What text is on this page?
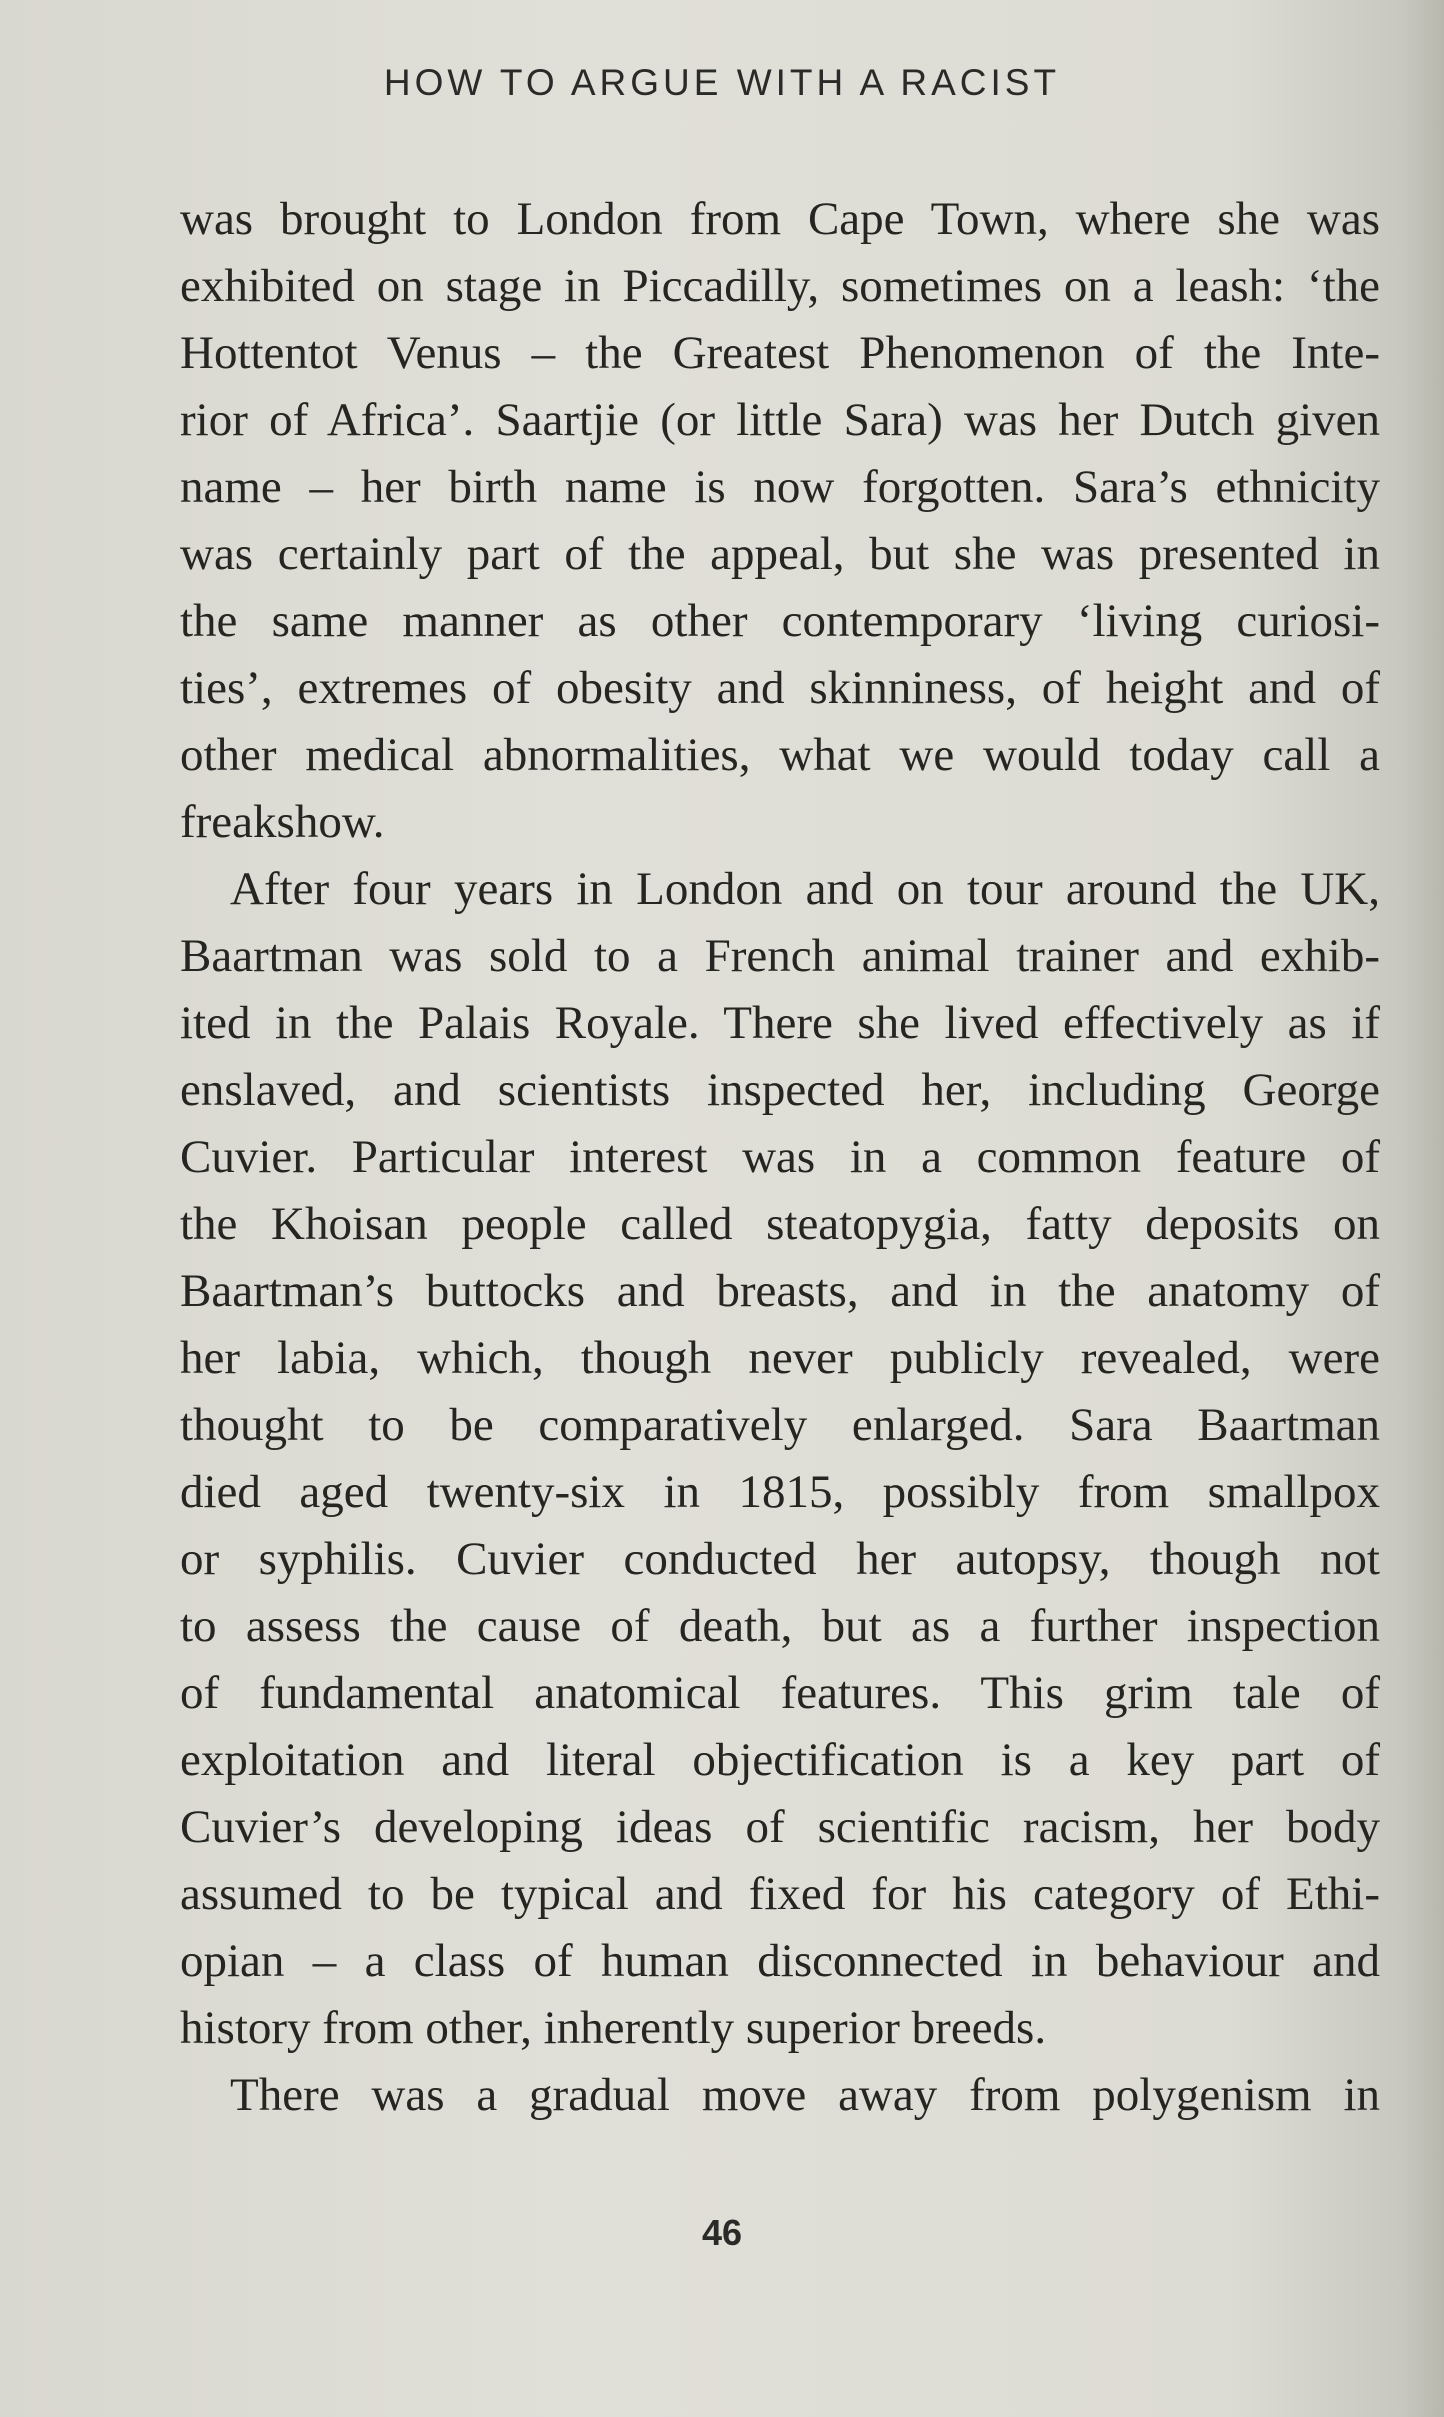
HOW TO ARGUE WITH A RACIST
was brought to London from Cape Town, where she was
exhibited on stage in Piccadilly, sometimes on a leash: ‘the
Hottentot Venus – the Greatest Phenomenon of the Inte-
rior of Africa’. Saartjie (or little Sara) was her Dutch given
name – her birth name is now forgotten. Sara’s ethnicity
was certainly part of the appeal, but she was presented in
the same manner as other contemporary ‘living curiosi-
ties’, extremes of obesity and skinniness, of height and of
other medical abnormalities, what we would today call a
freakshow.
After four years in London and on tour around the UK,
Baartman was sold to a French animal trainer and exhib-
ited in the Palais Royale. There she lived effectively as if
enslaved, and scientists inspected her, including George
Cuvier. Particular interest was in a common feature of
the Khoisan people called steatopygia, fatty deposits on
Baartman’s buttocks and breasts, and in the anatomy of
her labia, which, though never publicly revealed, were
thought to be comparatively enlarged. Sara Baartman
died aged twenty-six in 1815, possibly from smallpox
or syphilis. Cuvier conducted her autopsy, though not
to assess the cause of death, but as a further inspection
of fundamental anatomical features. This grim tale of
exploitation and literal objectification is a key part of
Cuvier’s developing ideas of scientific racism, her body
assumed to be typical and fixed for his category of Ethi-
opian – a class of human disconnected in behaviour and
history from other, inherently superior breeds.
There was a gradual move away from polygenism in
46
